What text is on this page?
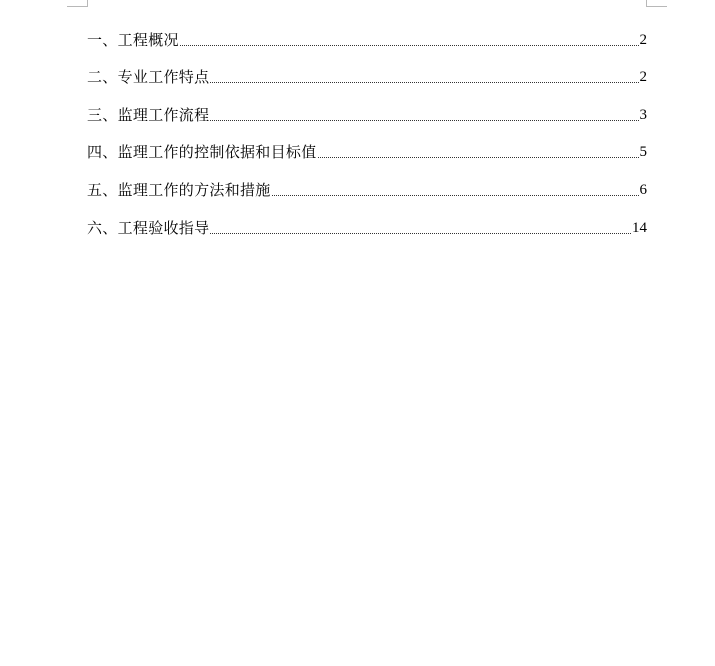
一、工程概况	2
二、专业工作特点	2
三、监理工作流程	3
四、监理工作的控制依据和目标值	5
五、监理工作的方法和措施	6
六、工程验收指导	14
